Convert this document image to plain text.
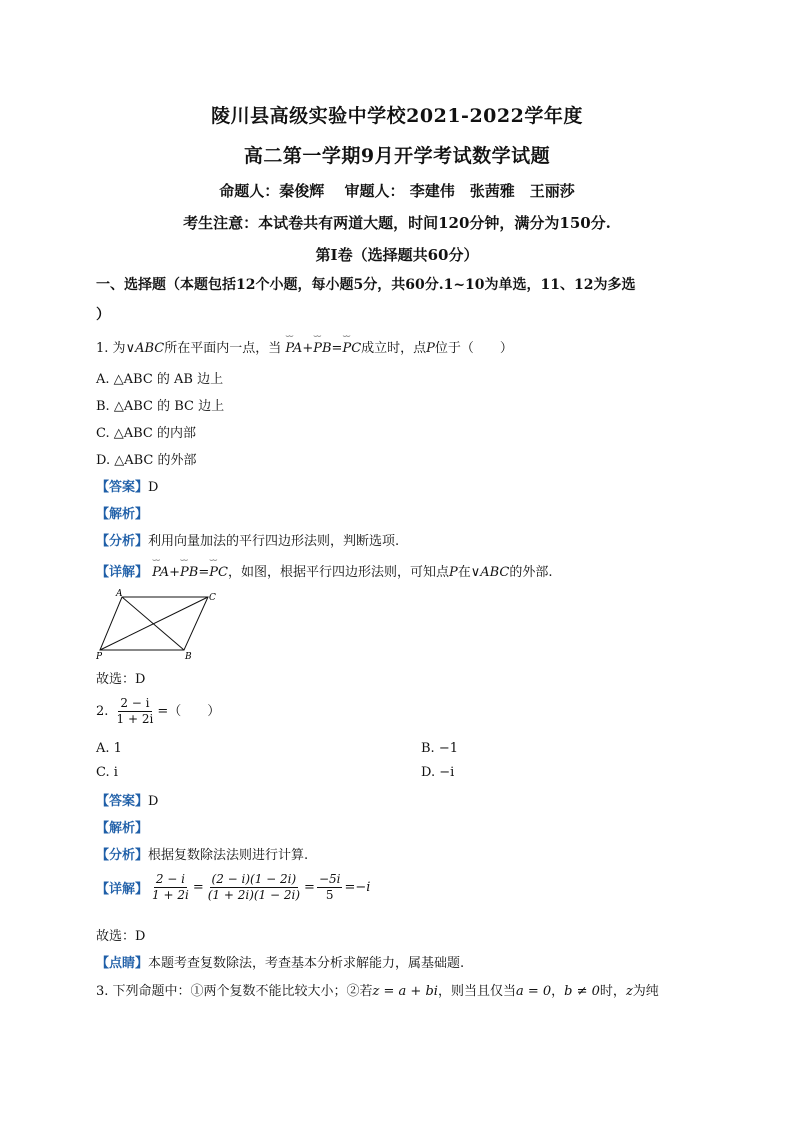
陵川县高级实验中学校2021-2022学年度
高二第一学期9月开学考试数学试题
命题人：秦俊辉　 审题人： 李建伟　张茜雅　王丽莎
考生注意：本试卷共有两道大题，时间120分钟，满分为150分.
第Ⅰ卷（选择题共60分）
一、选择题（本题包括12个小题，每小题5分，共60分.1~10为单选，11、12为多选
）
1. 为∨ABC所在平面内一点，当 ⌣⌣ PA+⌣⌣ PB=⌣⌣ PC成立时，点P位于（　　）
A. △ABC 的 AB 边上
B. △ABC 的 BC 边上
C. △ABC 的内部
D. △ABC 的外部
【答案】D
【解析】
【分析】利用向量加法的平行四边形法则，判断选项.
【详解】 ⌣⌣ PA+⌣⌣ PB=⌣⌣ PC，如图，根据平行四边形法则，可知点P在∨ABC的外部.
A	C
P	B
故选：D
2. $\frac{2 - i}{1 + 2i}$ =（　　）
A. 1	B. −1
C. i	D. −i
【答案】D
【解析】
【分析】根据复数除法法则进行计算.
【详解】 $\frac{2 - i}{1 + 2i} = \frac{(2 - i)(1 - 2i)}{(1 + 2i)(1 - 2i)} = \frac{-5i}{5} = -i$
故选：D
【点睛】本题考查复数除法，考查基本分析求解能力，属基础题.
3. 下列命题中：①两个复数不能比较大小；②若z = a + bi，则当且仅当a = 0，b ≠ 0时，z为纯
